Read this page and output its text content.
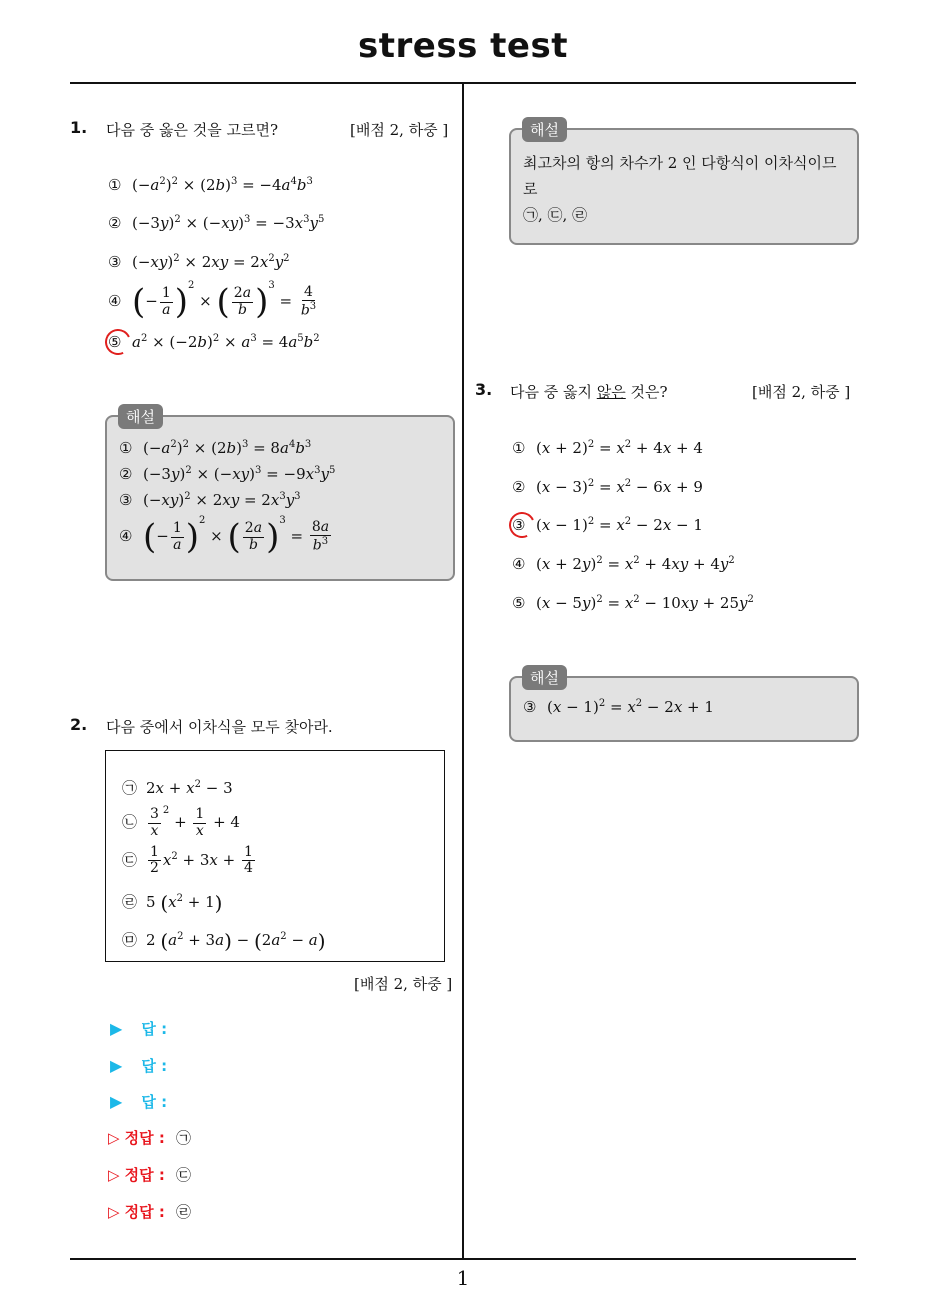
stress test
1
1. 다음 중 옳은 것을 고르면?	[배점 2, 하중 ]
① $(-a^2)^2 \times (2b)^3 = -4a^4b^3$
② $(-3y)^2 \times (-xy)^3 = -3x^3y^5$
③ $(-xy)^2 \times 2xy = 2x^2y^2$
④ (− $\frac{1}{a} )^2$ × ( $\frac{2a}{b} )^3 = \frac{4}{b^3}$
⑤ $a^2 \times (-2b)^2 \times a^3 = 4a^5b^2$
① $(-a^2)^2 \times (2b)^3 = 8a^4b^3$
② $(-3y)^2 \times (-xy)^3 = -9x^3y^5$
③ $(-xy)^2 \times 2xy = 2x^3y^3$
④ (− $\frac{1}{a} )^2$ × ( $\frac{2a}{b} )^3 = \frac{8a}{b^3}$
해설
2. 다음 중에서 이차식을 모두 찾아라.
㉠ $2x + x^2 - 3$
㉡ $\frac{3}{x} ^2 + \frac{1}{x} + 4$
㉢ $\frac{1}{2} x^2 + 3x + \frac{1}{4}$
㉣ 5 $(x^2 + 1)$
㉤ 2 $(a^2 + 3a) - (2a^2 - a)$
[배점 2, 하중 ]
▶ 답 :
▶ 답 :
▶ 답 :
▷ 정답 : ㉠
▷ 정답 : ㉢
▷ 정답 : ㉣
최고차의 항의 차수가 2 인 다항식이 이차식이므
로
㉠, ㉢, ㉣
해설
3. 다음 중 옳지 않은 것은?	[배점 2, 하중 ]
① $(x + 2)^2 = x^2 + 4x + 4$
② $(x - 3)^2 = x^2 - 6x + 9$
③ $(x - 1)^2 = x^2 - 2x - 1$
④ $(x + 2y)^2 = x^2 + 4xy + 4y^2$
⑤ $(x - 5y)^2 = x^2 - 10xy + 25y^2$
③ $(x - 1)^2 = x^2 - 2x + 1$
해설
